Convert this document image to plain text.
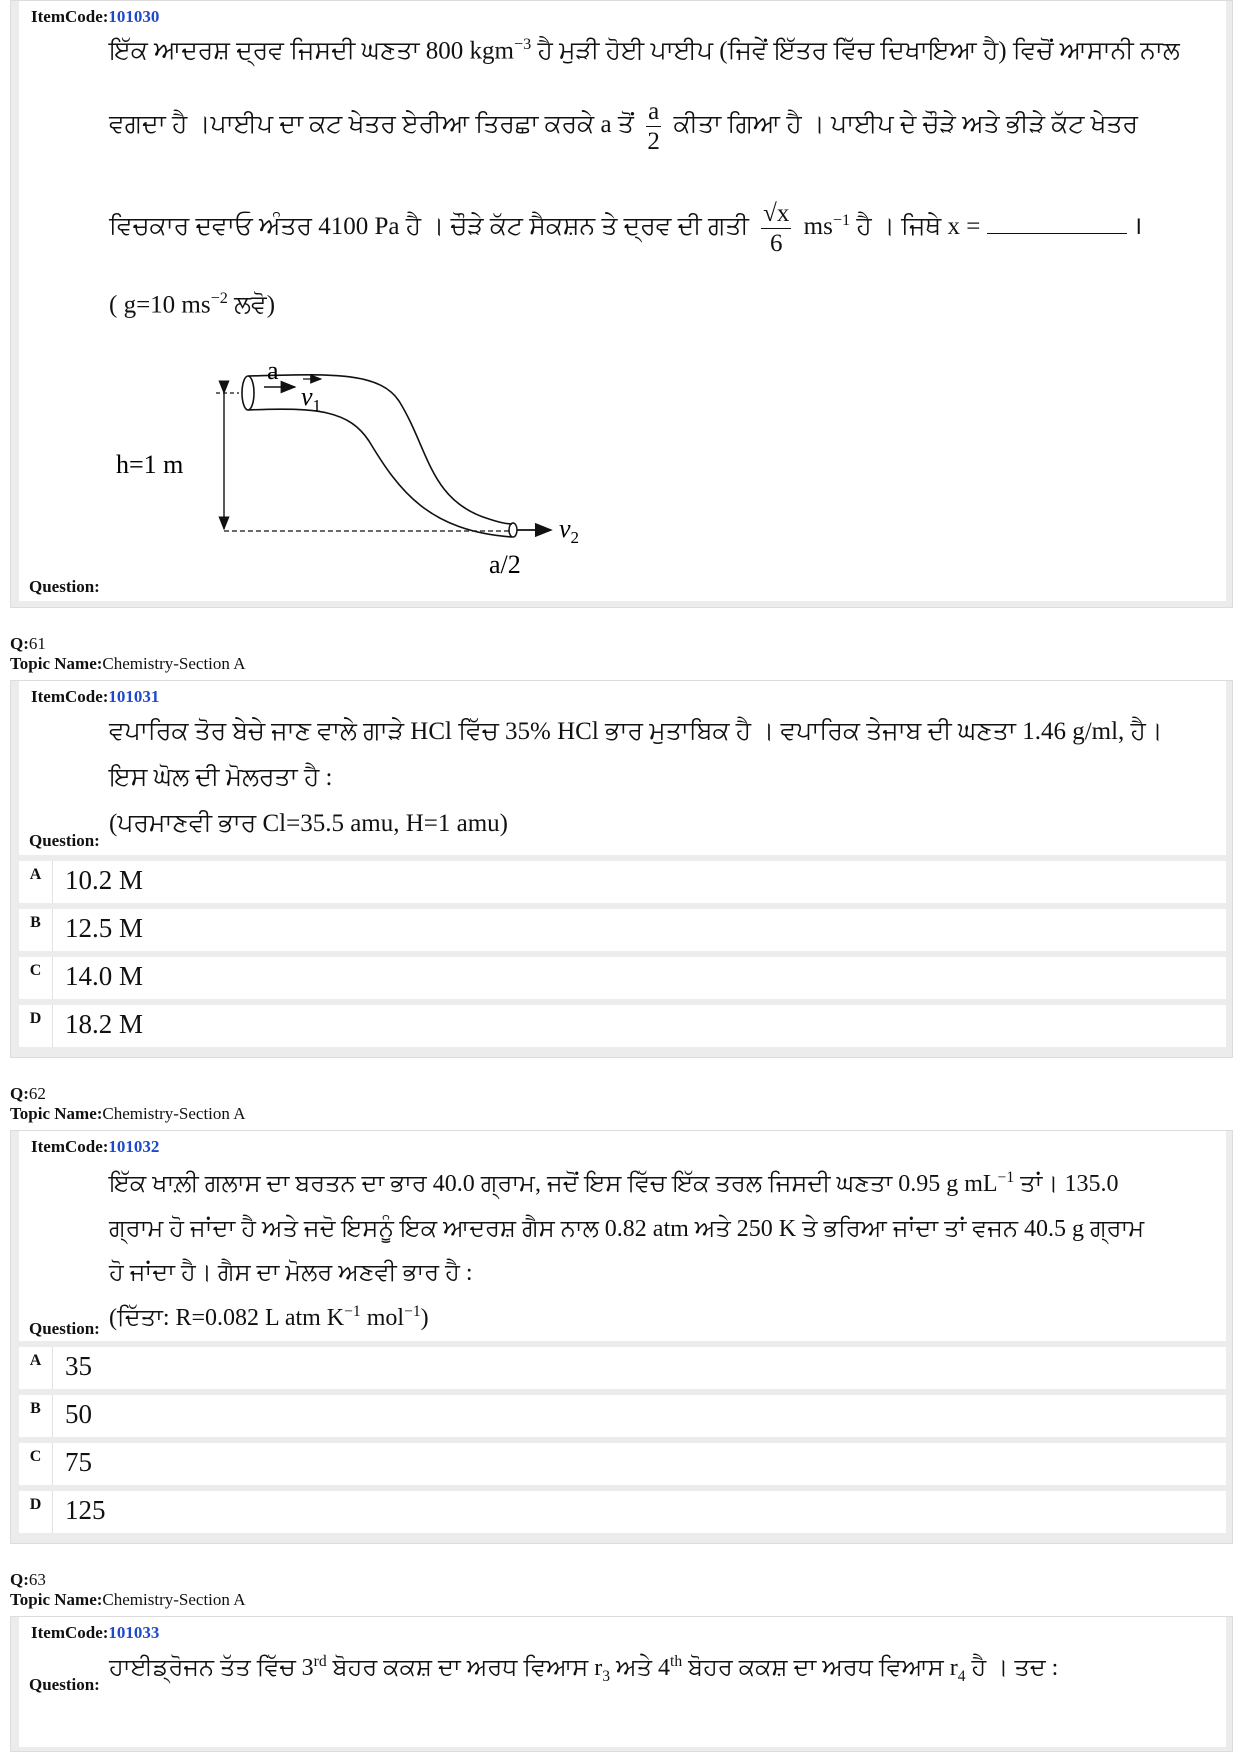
ItemCode:101030
ਇੱਕ ਆਦਰਸ਼ ਦ੍ਰਵ ਜਿਸਦੀ ਘਣਤਾ 800 kgm$^{-3}$ ਹੈ ਮੁੜੀ ਹੋਈ ਪਾਈਪ (ਜਿਵੇਂ ਇੱਤਰ ਵਿੱਚ ਦਿਖਾਇਆ ਹੈ) ਵਿਚੋਂ ਆਸਾਨੀ ਨਾਲ
ਵਗਦਾ ਹੈ ।ਪਾਈਪ ਦਾ ਕਟ ਖੇਤਰ ਏਰੀਆ ਤਿਰਛਾ ਕਰਕੇ a ਤੋਂ $\frac{a}{2}$ ਕੀਤਾ ਗਿਆ ਹੈ । ਪਾਈਪ ਦੇ ਚੌੜੇ ਅਤੇ ਭੀੜੇ ਕੱਟ ਖੇਤਰ
ਵਿਚਕਾਰ ਦਵਾਓ ਅੰਤਰ 4100 Pa ਹੈ । ਚੌੜੇ ਕੱਟ ਸੈਕਸ਼ਨ ਤੇ ਦ੍ਰਵ ਦੀ ਗਤੀ $\frac{√x}{6} ms^{-1}$ ਹੈ । ਜਿਥੇ x =	।
( g=10 $ms^{-2}$ ਲਵੋ)
a
$v_1$
h=1 m
$v_2$
a/2
Question:
Q:61
Topic Name:Chemistry-Section A
ItemCode:101031
ਵਪਾਰਿਕ ਤੋਰ ਬੇਚੇ ਜਾਣ ਵਾਲੇ ਗਾੜੇ HCl ਵਿੱਚ 35% HCl ਭਾਰ ਮੁਤਾਬਿਕ ਹੈ । ਵਪਾਰਿਕ ਤੇਜਾਬ ਦੀ ਘਣਤਾ 1.46 g/ml, ਹੈ।
ਇਸ ਘੋਲ ਦੀ ਮੋਲਰਤਾ ਹੈ :
(ਪਰਮਾਣਵੀ ਭਾਰ Cl=35.5 amu, H=1 amu)
Question:
A 10.2 M
B 12.5 M
C 14.0 M
D 18.2 M
Q:62
Topic Name:Chemistry-Section A
ItemCode:101032
ਇੱਕ ਖਾਲ਼ੀ ਗਲਾਸ ਦਾ ਬਰਤਨ ਦਾ ਭਾਰ 40.0 ਗ੍ਰਾਮ, ਜਦੋਂ ਇਸ ਵਿੱਚ ਇੱਕ ਤਰਲ ਜਿਸਦੀ ਘਣਤਾ 0.95 g $mL^{-1}$ ਤਾਂ। 135.0
ਗ੍ਰਾਮ ਹੋ ਜਾਂਦਾ ਹੈ ਅਤੇ ਜਦੋ ਇਸਨੂੰ ਇਕ ਆਦਰਸ਼ ਗੈਸ ਨਾਲ 0.82 atm ਅਤੇ 250 K ਤੇ ਭਰਿਆ ਜਾਂਦਾ ਤਾਂ ਵਜਨ 40.5 g ਗ੍ਰਾਮ
ਹੋ ਜਾਂਦਾ ਹੈ। ਗੈਸ ਦਾ ਮੋਲਰ ਅਣਵੀ ਭਾਰ ਹੈ :
(ਦਿੱਤਾ: R=0.082 L atm $K^{-1}$ mol$^{-1}$)
Question:
A 35
B 50
C 75
D 125
Q:63
Topic Name:Chemistry-Section A
ItemCode:101033
ਹਾਈਡ੍ਰੋਜਨ ਤੱਤ ਵਿੱਚ 3rd ਬੋਹਰ ਕਕਸ਼ ਦਾ ਅਰਧ ਵਿਆਸ $r_3$ ਅਤੇ 4th ਬੋਹਰ ਕਕਸ਼ ਦਾ ਅਰਧ ਵਿਆਸ $r_4$ ਹੈ । ਤਦ :
Question:
